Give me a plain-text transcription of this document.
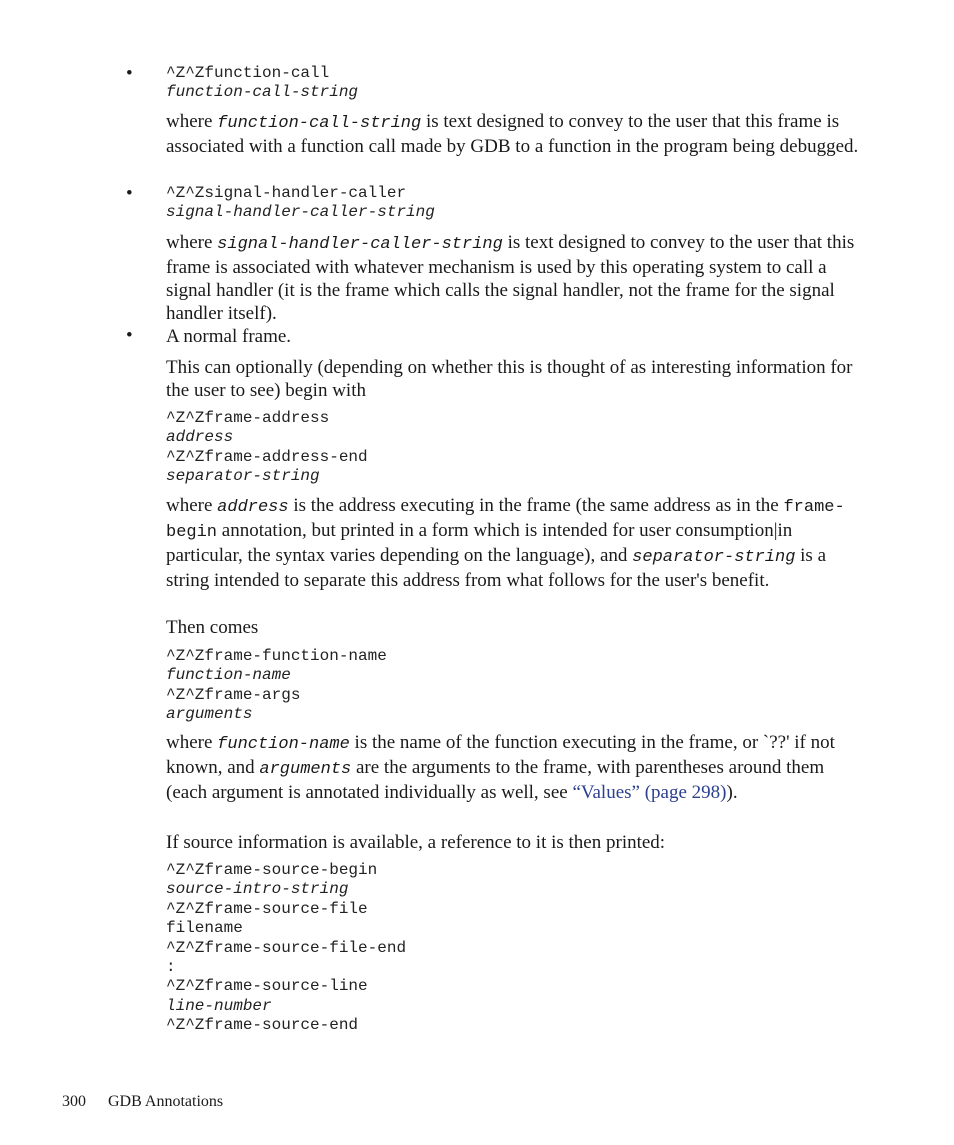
•	^Z^Zfunction-call
function-call-string

where function-call-string is text designed to convey to the user that this frame is associated with a function call made by GDB to a function in the program being debugged.

•	^Z^Zsignal-handler-caller
signal-handler-caller-string

where signal-handler-caller-string is text designed to convey to the user that this frame is associated with whatever mechanism is used by this operating system to call a signal handler (it is the frame which calls the signal handler, not the frame for the signal handler itself).

•	A normal frame.

This can optionally (depending on whether this is thought of as interesting information for the user to see) begin with

^Z^Zframe-address
address
^Z^Zframe-address-end
separator-string

where address is the address executing in the frame (the same address as in the frame-begin annotation, but printed in a form which is intended for user consumption|in particular, the syntax varies depending on the language), and separator-string is a string intended to separate this address from what follows for the user's benefit.

Then comes

^Z^Zframe-function-name
function-name
^Z^Zframe-args
arguments

where function-name is the name of the function executing in the frame, or `??' if not known, and arguments are the arguments to the frame, with parentheses around them (each argument is annotated individually as well, see “Values” (page 298)).

If source information is available, a reference to it is then printed:

^Z^Zframe-source-begin
source-intro-string
^Z^Zframe-source-file
filename
^Z^Zframe-source-file-end
:
^Z^Zframe-source-line
line-number
^Z^Zframe-source-end
300 GDB Annotations
